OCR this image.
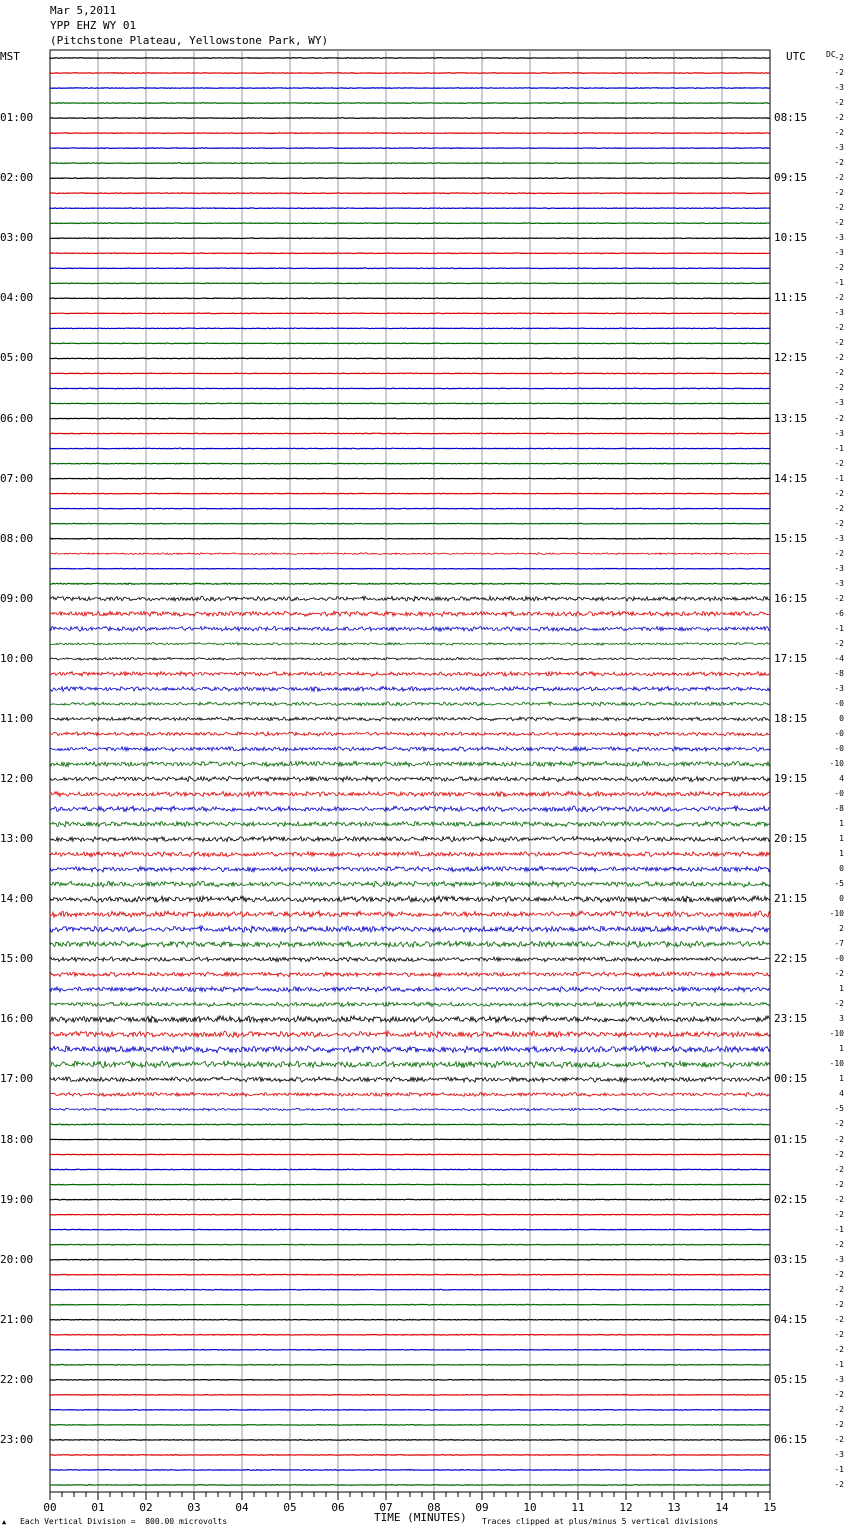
Mar 5,2011
YPP EHZ WY 01
(Pitchstone Plateau, Yellowstone Park, WY)
MST	UTC	DC
00	01	02	03	04	05	06	07	08	09	10	11	12	13	14	15
01:00	08:15
02:00	09:15
03:00	10:15
04:00	11:15
05:00	12:15
06:00	13:15
07:00	14:15
08:00	15:15
09:00	16:15
10:00	17:15
11:00	18:15
12:00	19:15
13:00	20:15
14:00	21:15
15:00	22:15
16:00	23:15
17:00	00:15
18:00	01:15
19:00	02:15
20:00	03:15
21:00	04:15
22:00	05:15
23:00	06:15
-2
-2
-3
-2
-2
-2
-3
-2
-2
-2
-2
-2
-3
-3
-2
-1
-2
-3
-2
-2
-2
-2
-2
-3
-2
-3
-1
-2
-1
-2
-2
-2
-3
-2
-3
-3
-2
-6
-1
-2
-4
-8
-3
-0
0
-0
-0
-10
4
-0
-8
1
1
1
0
-5
0
-10
2
-7
-0
-2
1
-2
3
-10
1
-10
1
4
-5
-2
-2
-2
-2
-2
-2
-2
-1
-2
-3
-2
-2
-2
-2
-2
-2
-1
-3
-2
-2
-2
-2
-3
-1
-2
▲ Each Vertical Division =  800.00 microvolts	TIME (MINUTES) Traces clipped at plus/minus 5 vertical divisions
